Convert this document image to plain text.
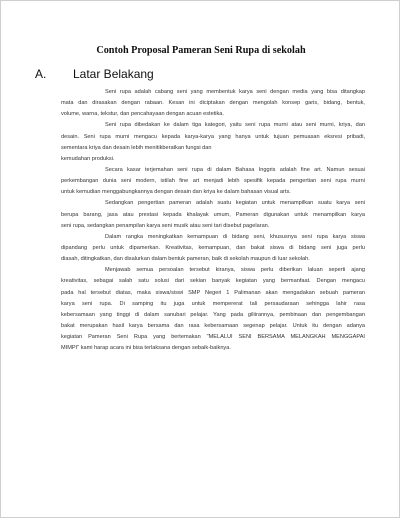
Contoh Proposal Pameran Seni Rupa di sekolah
A. Latar Belakang
Seni rupa adalah cabang seni yang membentuk karya seni dengan media yang bisa ditangkap
mata dan dirasakan dengan rabaan. Kesan ini diciptakan dengan mengolah konsep garis, bidang, bentuk,
volume, warna, tekstur, dan pencahayaan dengan acuan estetika.
Seni rupa dibedakan ke dalam tiga kategori, yaitu seni rupa murni atau seni murni, kriya, dan
desain. Seni rupa murni mengacu kepada karya-karya yang hanya untuk tujuan pemuasan eksresi pribadi,
sementara kriya dan desain lebih menitikberatkan fungsi dan
kemudahan produksi.
Secara kasar terjemahan seni rupa di dalam Bahasa Inggris adalah fine art. Namun sesuai
perkembangan dunia seni modern, istilah fine art menjadi lebih spesifik kepada pengertian seni rupa murni
untuk kemudian menggabungkannya dengan desain dan kriya ke dalam bahasan visual arts.
Sedangkan pengertian pameran adalah suatu kegiatan untuk menampilkan suatu karya seni
berupa barang, jasa atau prestasi kepada khalayak umum, Pameran digunakan untuk menampilkan karya
seni rupa, sedangkan penampilan karya seni musik atau seni tari disebut pagelaran.
Dalam rangka meningkatkan kemampuan di bidang seni, khususnya seni rupa karya siswa
dipandang perlu untuk dipamerkan. Kreativitas, kemampuan, dan bakat siswa di bidang seni juga perlu
diasah, ditingkatkan, dan disalurkan dalam bentuk pameran, baik di sekolah maupun di luar sekolah.
Menjawab semua persoalan tersebut kiranya, siswa perlu diberikan laluan seperti ajang
kreativitas, sebagai salah satu solusi dari sekian banyak kegiatan yang bermanfaat. Dengan mengacu
pada hal tersebut diatas, maka siswa/siswi SMP Negeri 1 Palimanan akan mengadakan sebuah pameran
karya seni rupa. Di samping itu juga untuk mempererat tali persaudaraan sehingga lahir rasa
kebersamaan yang tinggi di dalam sanubari pelajar. Yang pada giliirannya, pembinaan dan pengembangan
bakat merupakan hasil karya bersama dan rasa kebersamaan segenap pelajar. Untuk itu dengan adanya
kegiatan Pameran Seni Rupa yang bertemakan "MELALUI SENI BERSAMA MELANGKAH MENGGAPAI
MIMPI" kami harap acara ini bisa terlaksana dengan sebaik-baiknya.
